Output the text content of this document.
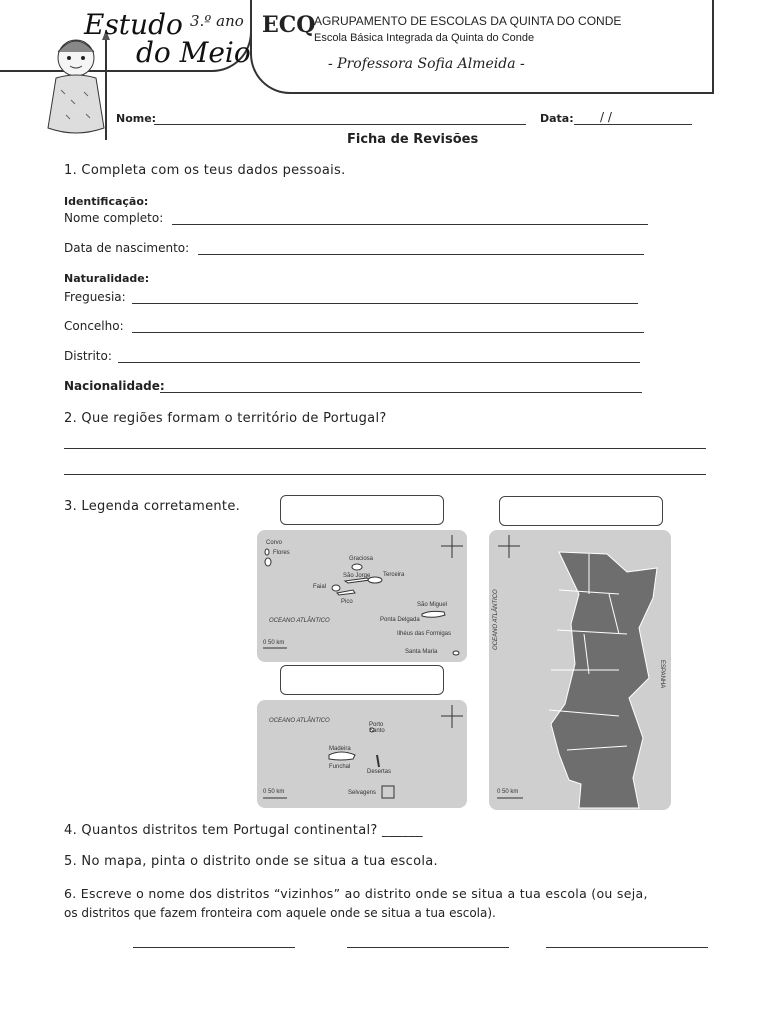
Estudo
do Meio
3.º ano ECQ
AGRUPAMENTO DE ESCOLAS DA QUINTA DO CONDE
Escola Básica Integrada da Quinta do Conde
- Professora Sofia Almeida -
Nome:	Data: / /
Ficha de Revisões
1. Completa com os teus dados pessoais.
Identificação:
Nome completo:
Data de nascimento:
Naturalidade:
Freguesia:
Concelho:
Distrito:
Nacionalidade:
2. Que regiões formam o território de Portugal?
3. Legenda corretamente.
Corvo
Flores
Graciosa
São Jorge Terceira
Faial
Pico	São Miguel
Ponta Delgada
Ilhéus das Formigas
Santa Maria
OCEANO ATLÂNTICO
0 50 km
OCEANO ATLÂNTICO
Porto Santo
Madeira
Funchal
Desertas
Selvagens
0 50 km
OCEANO ATLÂNTICO
ESPANHA
0 50 km
4. Quantos distritos tem Portugal continental? ______
5. No mapa, pinta o distrito onde se situa a tua escola.
6. Escreve o nome dos distritos “vizinhos” ao distrito onde se situa a tua escola (ou seja,
os distritos que fazem fronteira com aquele onde se situa a tua escola).
